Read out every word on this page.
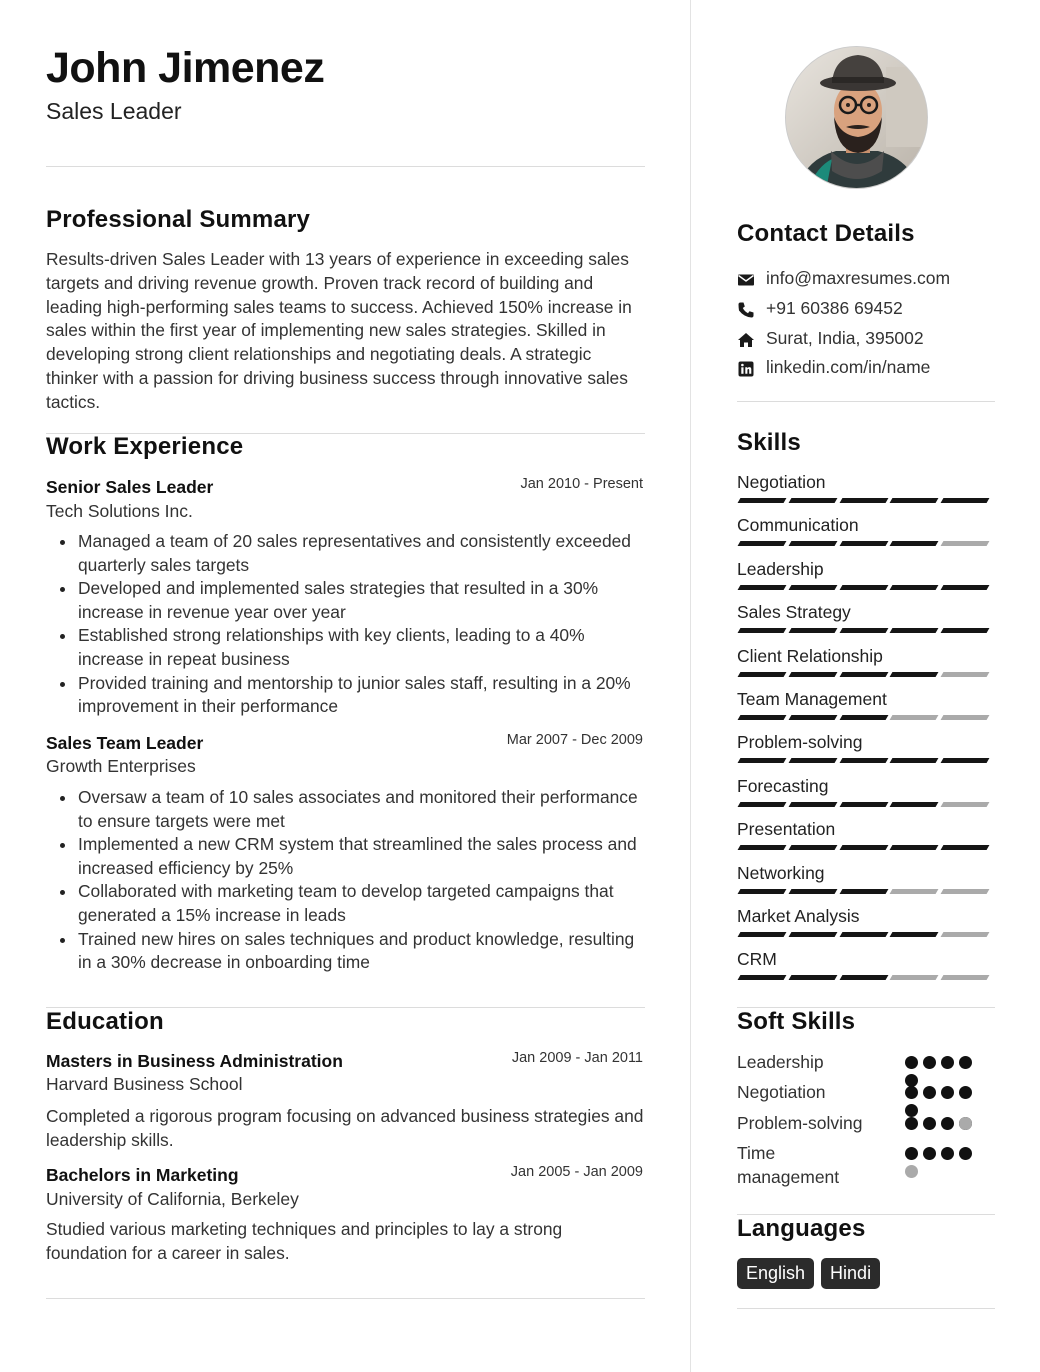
John Jimenez
Sales Leader
Professional Summary
Results-driven Sales Leader with 13 years of experience in exceeding sales targets and driving revenue growth. Proven track record of building and leading high-performing sales teams to success. Achieved 150% increase in sales within the first year of implementing new sales strategies. Skilled in developing strong client relationships and negotiating deals. A strategic thinker with a passion for driving business success through innovative sales tactics.
Work Experience
Senior Sales Leader	Jan 2010 - Present
Tech Solutions Inc.
Managed a team of 20 sales representatives and consistently exceeded quarterly sales targets
Developed and implemented sales strategies that resulted in a 30% increase in revenue year over year
Established strong relationships with key clients, leading to a 40% increase in repeat business
Provided training and mentorship to junior sales staff, resulting in a 20% improvement in their performance
Sales Team Leader	Mar 2007 - Dec 2009
Growth Enterprises
Oversaw a team of 10 sales associates and monitored their performance to ensure targets were met
Implemented a new CRM system that streamlined the sales process and increased efficiency by 25%
Collaborated with marketing team to develop targeted campaigns that generated a 15% increase in leads
Trained new hires on sales techniques and product knowledge, resulting in a 30% decrease in onboarding time
Education
Masters in Business Administration	Jan 2009 - Jan 2011
Harvard Business School
Completed a rigorous program focusing on advanced business strategies and leadership skills.
Bachelors in Marketing	Jan 2005 - Jan 2009
University of California, Berkeley
Studied various marketing techniques and principles to lay a strong foundation for a career in sales.
Contact Details
info@maxresumes.com
+91 60386 69452
Surat, India, 395002
linkedin.com/in/name
Skills
Negotiation
Communication
Leadership
Sales Strategy
Client Relationship
Team Management
Problem-solving
Forecasting
Presentation
Networking
Market Analysis
CRM
Soft Skills
Leadership
Negotiation
Problem-solving
Time management
Languages
English	Hindi
